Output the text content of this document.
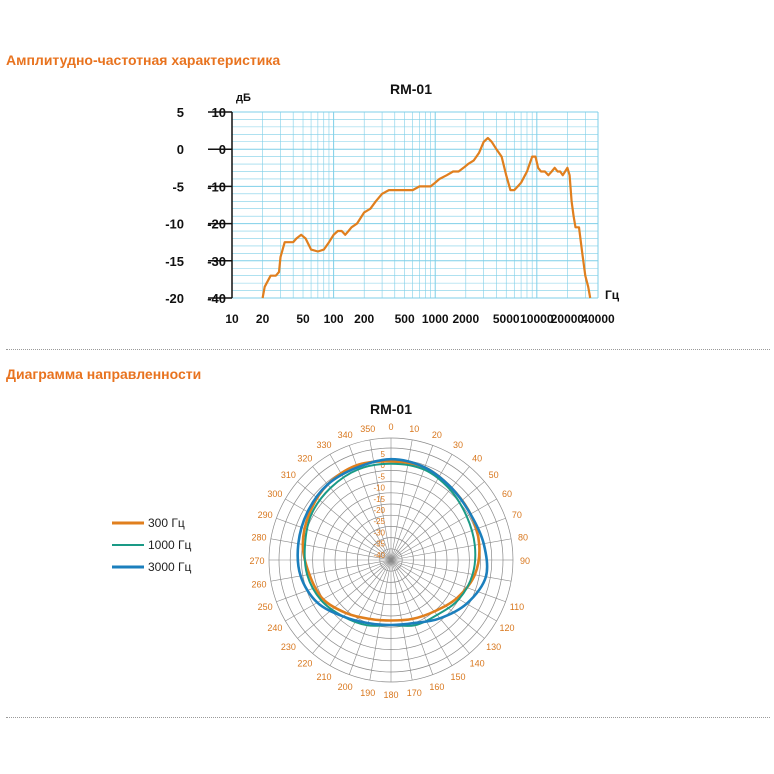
Амплитудно-частотная характеристика
RM-01
10 20 50 100 200 500 1000 2000 5000 10000
20000
40000
10
5
0
0
-10
-5
-20
-10
-30
-15
-40
-20
дБ
Гц
Диаграмма направленности
RM-01
0 10
20
30
40
50
60
70
80
90
110
120
130
140
150
160
170
180
190
200
210
220
230
240
250
260
270
280
290
300
310
320
330
340
350
5
0
-5
-10
-15
-20
-25
-30
-35
-40
300 Гц
1000 Гц
3000 Гц
